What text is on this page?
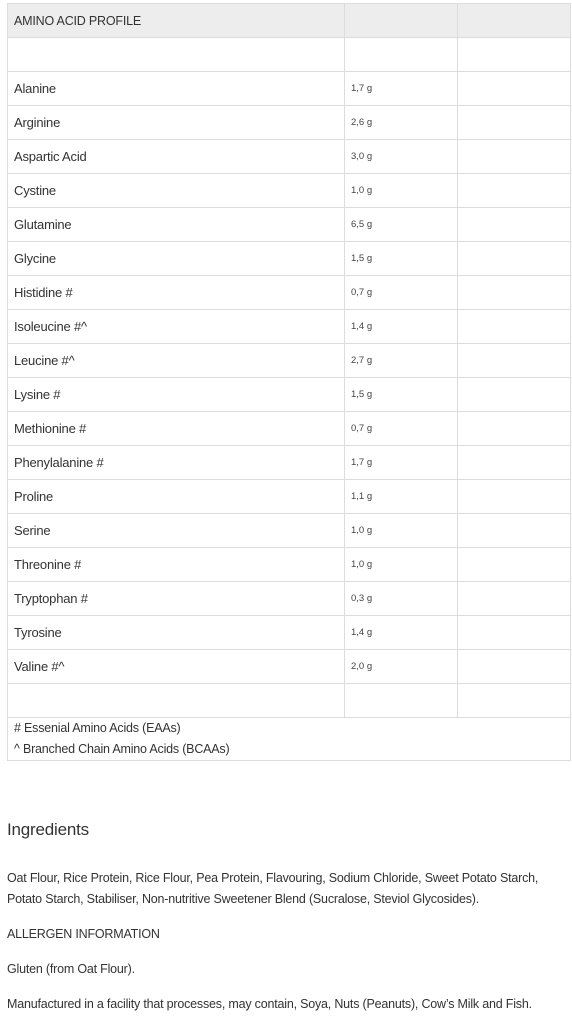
AMINO ACID PROFILE		

Alanine	1,7 g	
Arginine	2,6 g	
Aspartic Acid	3,0 g	
Cystine	1,0 g	
Glutamine	6,5 g	
Glycine	1,5 g	
Histidine #	0,7 g	
Isoleucine #^	1,4 g	
Leucine #^	2,7 g	
Lysine #	1,5 g	
Methionine #	0,7 g	
Phenylalanine #	1,7 g	
Proline	1,1 g	
Serine	1,0 g	
Threonine #	1,0 g	
Tryptophan #	0,3 g	
Tyrosine	1,4 g	
Valine #^	2,0 g	

# Essenial Amino Acids (EAAs)
^ Branched Chain Amino Acids (BCAAs)		
Ingredients
Oat Flour, Rice Protein, Rice Flour, Pea Protein, Flavouring, Sodium Chloride, Sweet Potato Starch, Potato Starch, Stabiliser, Non-nutritive Sweetener Blend (Sucralose, Steviol Glycosides).
ALLERGEN INFORMATION
Gluten (from Oat Flour).
Manufactured in a facility that processes, may contain, Soya, Nuts (Peanuts), Cow’s Milk and Fish.
